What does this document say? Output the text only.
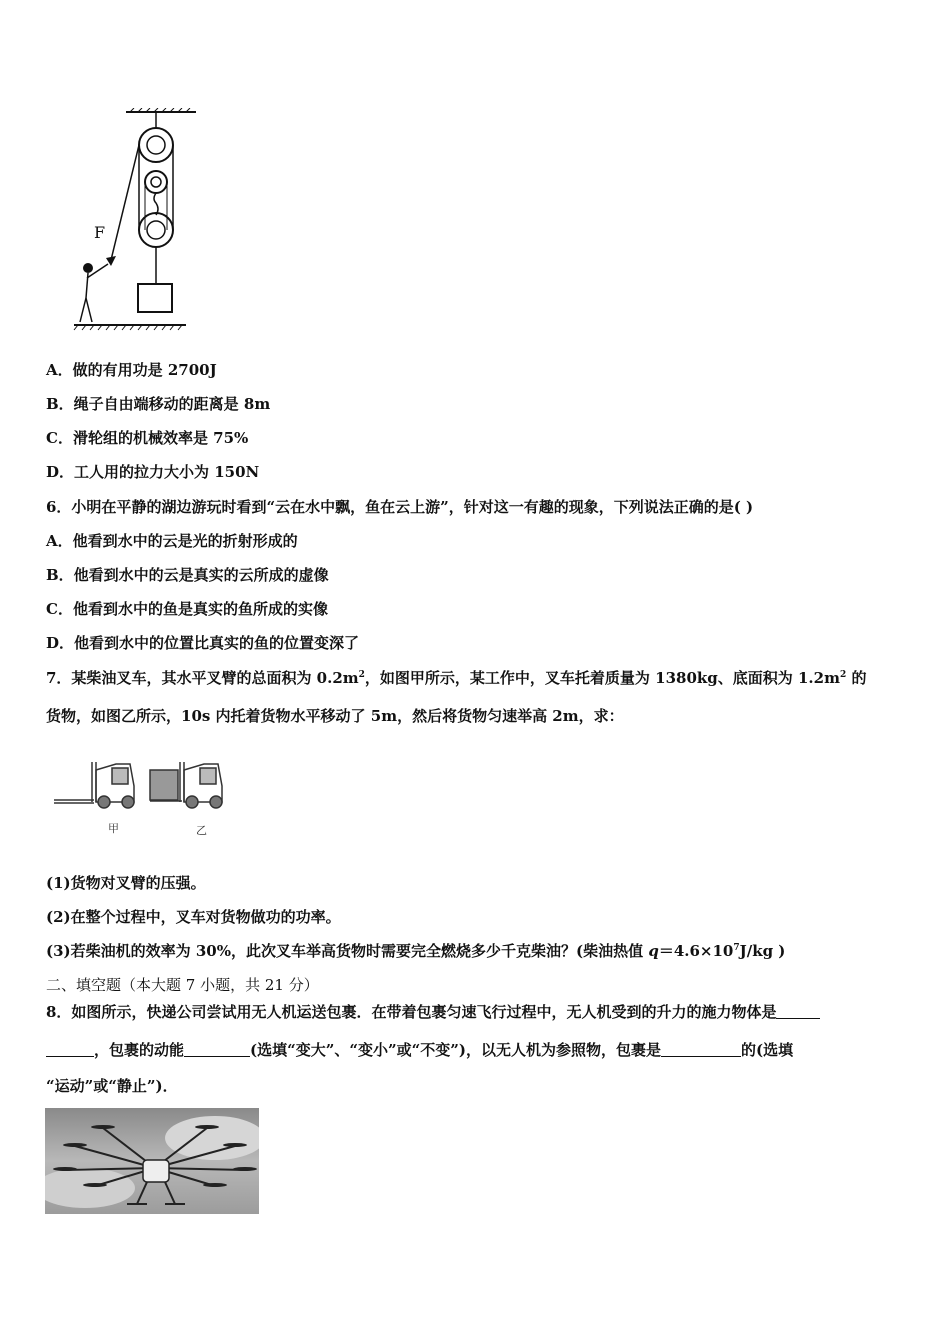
F
A．做的有用功是 2700J
B．绳子自由端移动的距离是 8m
C．滑轮组的机械效率是 75%
D．工人用的拉力大小为 150N
6．小明在平静的湖边游玩时看到“云在水中飘，鱼在云上游”，针对这一有趣的现象，下列说法正确的是( )
A．他看到水中的云是光的折射形成的
B．他看到水中的云是真实的云所成的虚像
C．他看到水中的鱼是真实的鱼所成的实像
D．他看到水中的位置比真实的鱼的位置变深了
7．某柴油叉车，其水平叉臂的总面积为 $0.2m^2$，如图甲所示，某工作中，叉车托着质量为 1380kg、底面积为 $1.2m^2$ 的
货物，如图乙所示，10s 内托着货物水平移动了 5m，然后将货物匀速举高 2m，求：
甲	乙
(1)货物对叉臂的压强。
(2)在整个过程中，叉车对货物做功的功率。
(3)若柴油机的效率为 30%，此次叉车举高货物时需要完全燃烧多少千克柴油？(柴油热值 $q=4.6\times 10^7J/kg$ )
二、填空题（本大题 7 小题，共 21 分）
8．如图所示，快递公司尝试用无人机运送包裹．在带着包裹匀速飞行过程中，无人机受到的升力的施力物体是
，包裹的动能	(选填“变大”、“变小”或“不变”)，以无人机为参照物，包裹是	的(选填
“运动”或“静止”)．
